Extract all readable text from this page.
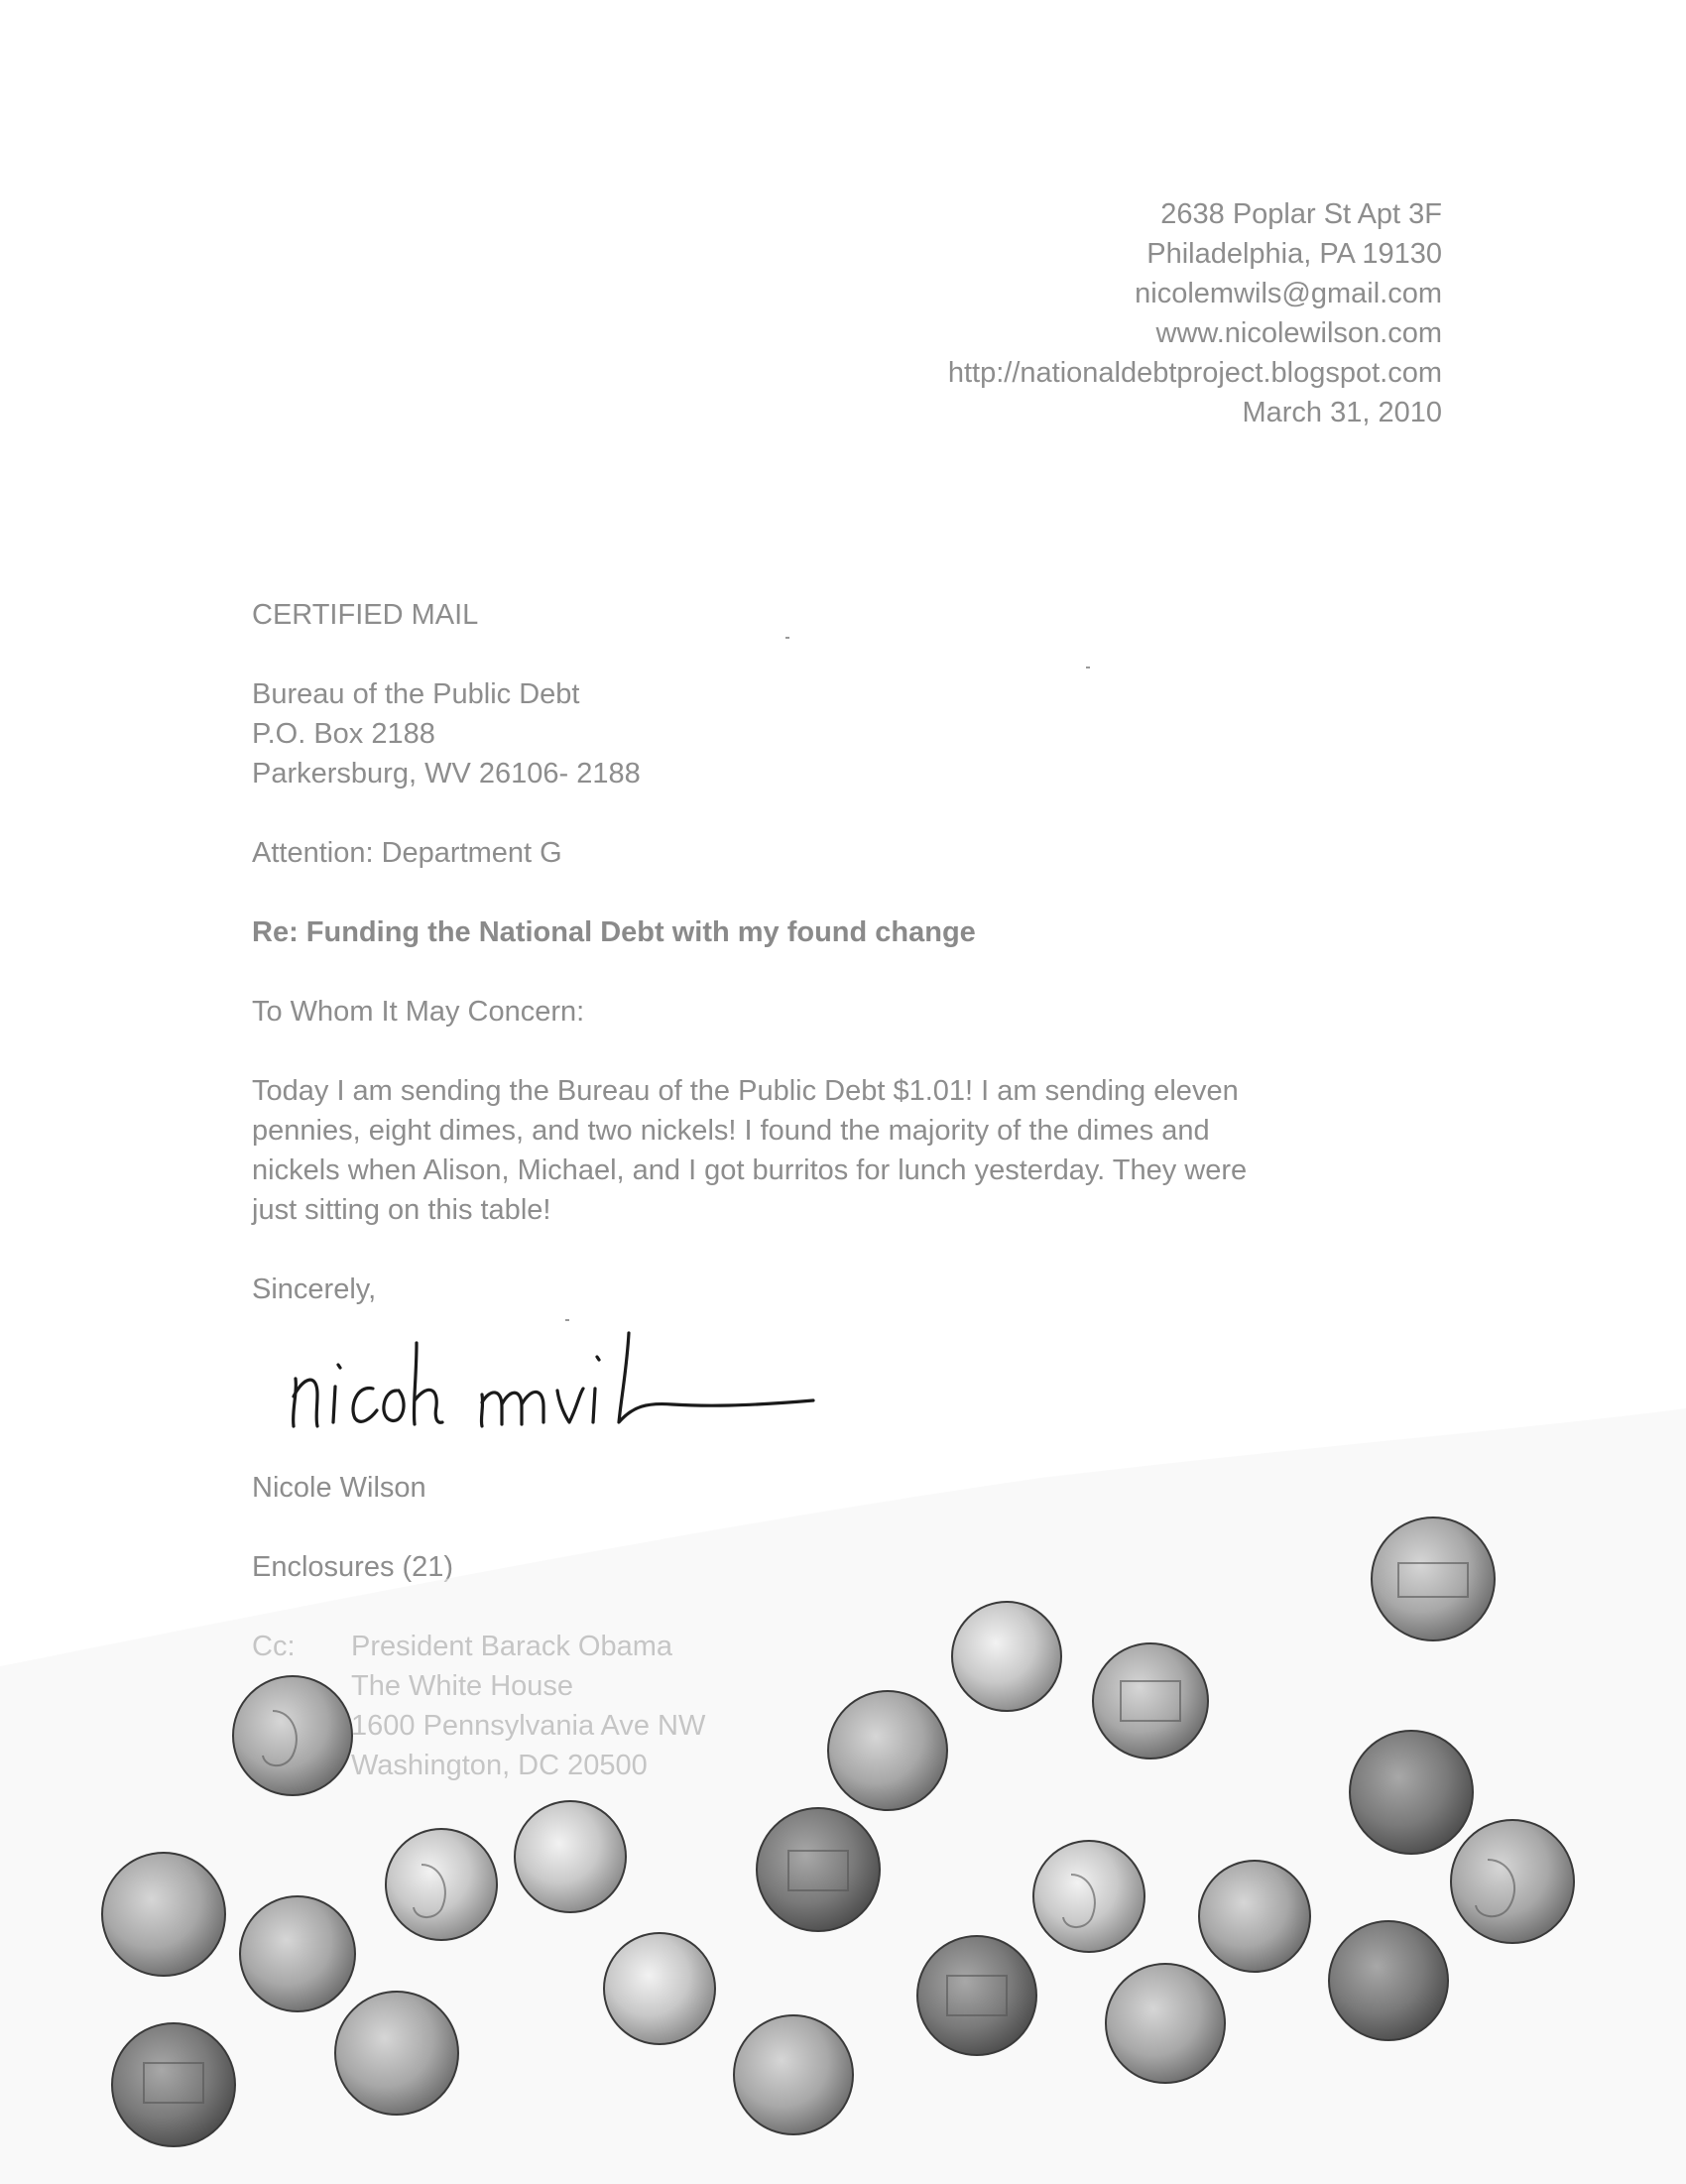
2638 Poplar St Apt 3F
Philadelphia, PA 19130
nicolemwils@gmail.com
www.nicolewilson.com
http://nationaldebtproject.blogspot.com
March 31, 2010
CERTIFIED MAIL
Bureau of the Public Debt
P.O. Box 2188
Parkersburg, WV 26106- 2188
Attention: Department G
Re: Funding the National Debt with my found change
To Whom It May Concern:

Today I am sending the Bureau of the Public Debt $1.01! I am sending eleven

pennies, eight dimes, and two nickels! I found the majority of the dimes and

nickels when Alison, Michael, and I got burritos for lunch yesterday. They were

just sitting on this table!

Sincerely,
Nicole Wilson
Enclosures (21)
